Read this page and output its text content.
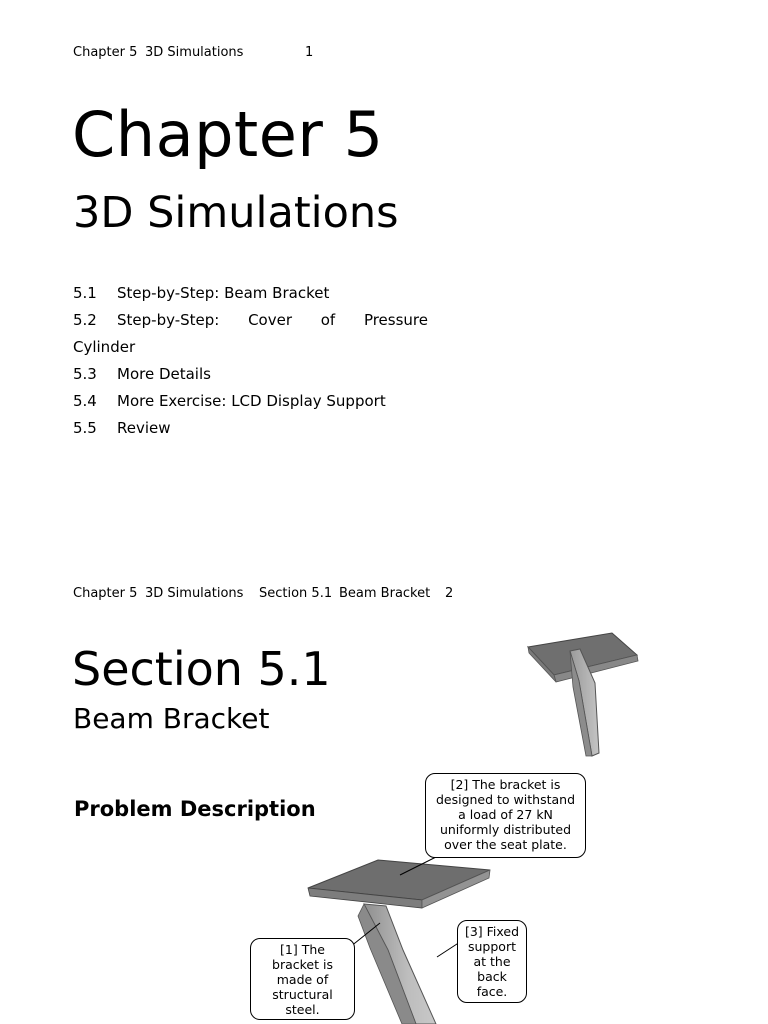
Chapter 5

3D Simulations

	1

Chapter 5
3D Simulations
5.1 Step-by-Step: Beam Bracket
5.2 Step-by-Step: Cover of Pressure
Cylinder
5.3 More Details
5.4 More Exercise: LCD Display Support
5.5 Review

Chapter 5

3D Simulations

Section 5.1

Beam Bracket

2

Section 5.1
Beam Bracket
Problem Description
[2] The bracket is
designed to withstand
a load of 27 kN
uniformly distributed
over the seat plate.
[1] The
bracket is
made of
structural
steel.
[3] Fixed
support
at the
back
face.
